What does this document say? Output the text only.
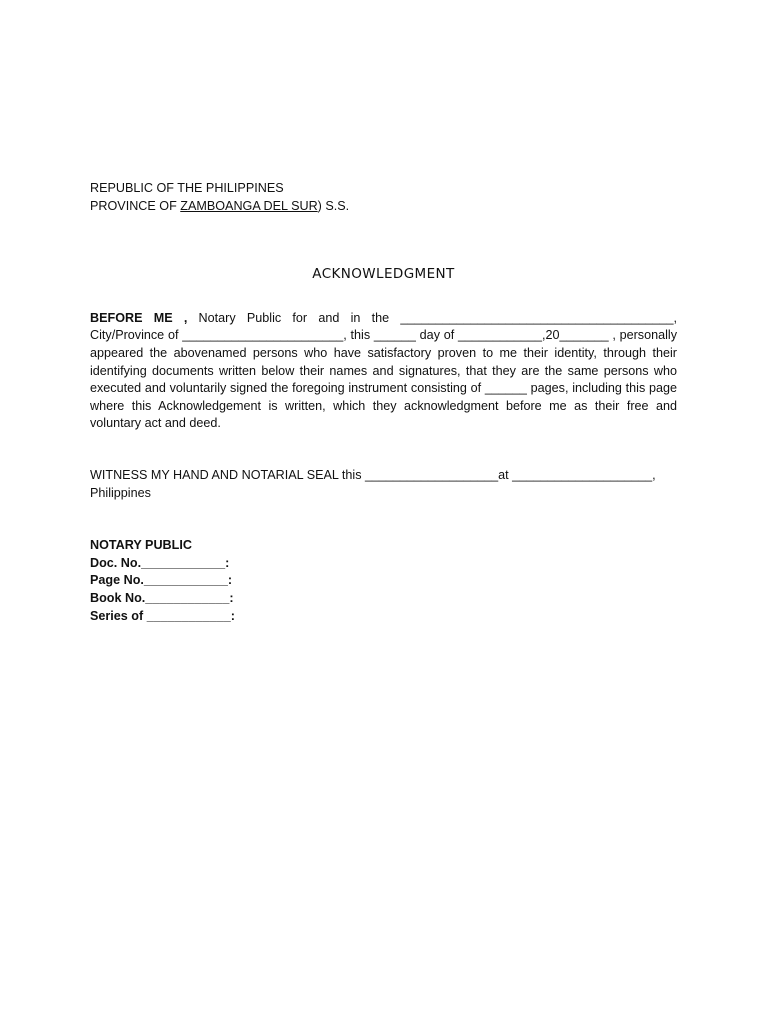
REPUBLIC OF THE PHILIPPINES
PROVINCE OF ZAMBOANGA DEL SUR) S.S.
ACKNOWLEDGMENT

BEFORE ME , Notary Public for and in the _______________________________________, City/Province of _______________________, this ______ day of ____________,20_______ , personally appeared the abovenamed persons who have satisfactory proven to me their identity, through their identifying documents written below their names and signatures, that they are the same persons who executed and voluntarily signed the foregoing instrument consisting of ______ pages, including this page where this Acknowledgement is written, which they acknowledgment before me as their free and voluntary act and deed.

WITNESS MY HAND AND NOTARIAL SEAL this ___________________at ____________________, Philippines

NOTARY PUBLIC
Doc. No.____________:
Page No.____________:
Book No.____________:
Series of ____________:
